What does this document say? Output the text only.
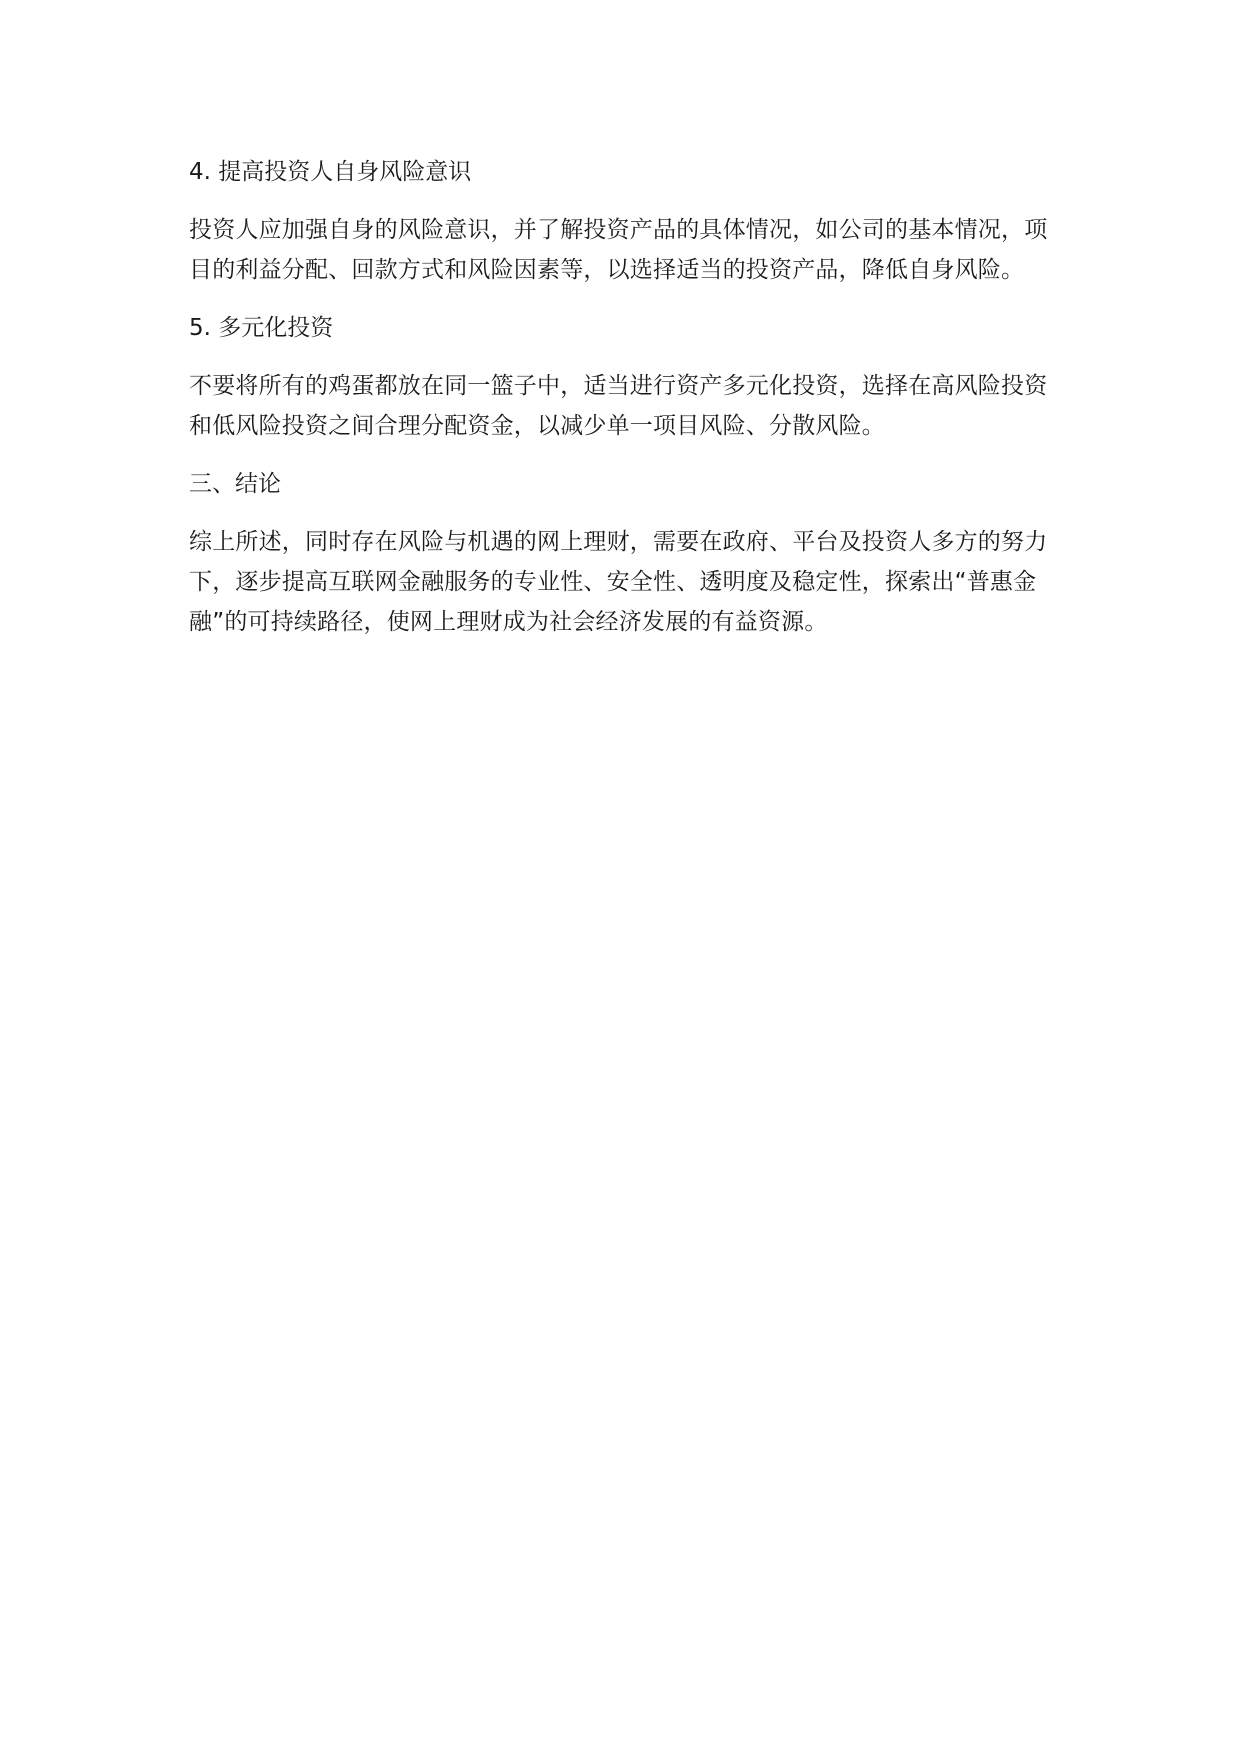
4. 提高投资人自身风险意识

投资人应加强自身的风险意识，并了解投资产品的具体情况，如公司的基本情况，项目的利益分配、回款方式和风险因素等，以选择适当的投资产品，降低自身风险。

5. 多元化投资

不要将所有的鸡蛋都放在同一篮子中，适当进行资产多元化投资，选择在高风险投资和低风险投资之间合理分配资金，以减少单一项目风险、分散风险。

三、结论

综上所述，同时存在风险与机遇的网上理财，需要在政府、平台及投资人多方的努力下，逐步提高互联网金融服务的专业性、安全性、透明度及稳定性，探索出“普惠金融”的可持续路径，使网上理财成为社会经济发展的有益资源。
